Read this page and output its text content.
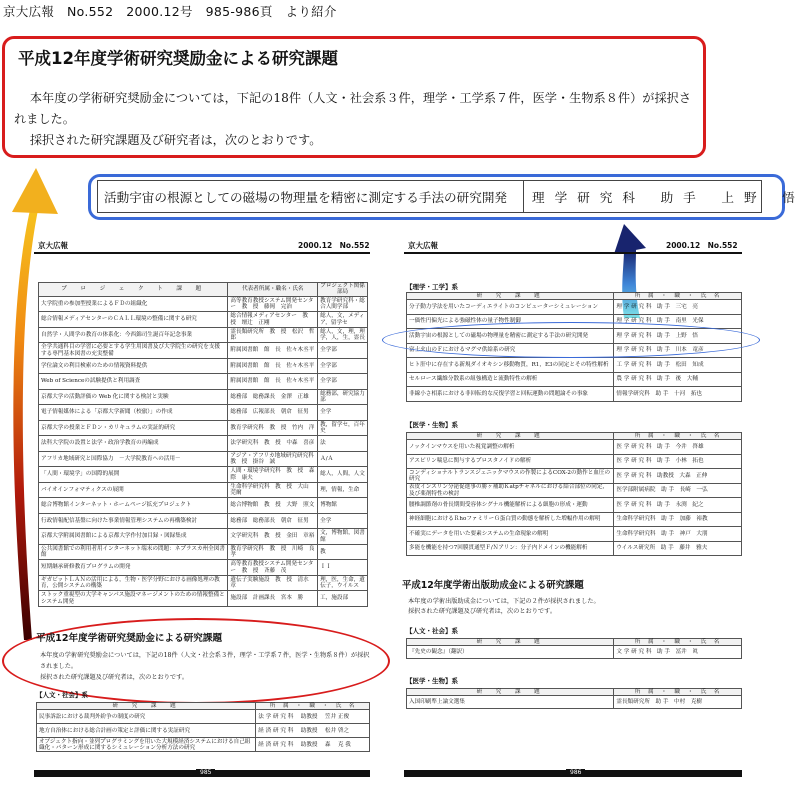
京大広報　No.552　2000.12号　985-986頁　より紹介
平成12年度学術研究奨励金による研究課題

本年度の学術研究奨励金については，下記の18件（人文・社会系３件，理学・工学系７件，医学・生物系８件）が採択されました。

採択された研究課題及び研究者は，次のとおりです。

活動宇宙の根源としての磁場の物理量を精密に測定する手法の研究開発 理 学 研 究 科　 助 手　 上 野　 悟
京大広報	2000.12　No.552
プ　ロ　ジ　ェ　ク　ト　課　題	代表者所属・職名・氏名	プロジェクト関係部局
大学院重の参加型授業によるＦＤの組織化	高等教育教授システム開発センター　教　授　藤岡　完治	教育学研究科・総合人間学部
総合情報メディアセンターのＣＡＬＬ環境の整備に関する研究	総合情報メディアセンター　教　授　壇辻　正剛	総人，文，メディア，留学セ
自然学・人間学の教育の体系化：今西錦司生誕百年記念事業	霊長類研究所　教　授　松沢　哲郎	総人，文，理，理学，人，生，霊長
全学共通科目の学習に必要とする学生用図書及び大学院生の研究を支援する専門基本図書の充実整備	附属図書館　館　長　佐々木丞平	全学部
学位論文の利目検索のための情報資料提供	附属図書館　館　長　佐々木丞平	全学部
Web of Scienceの試験提供と利用調査	附属図書館　館　長　佐々木丞平	全学部
京都大学の活動評価の Web 化に関する検討と実験	総務部　総務課長　金澤　正雄	総務部，研究協力部
電子情報媒体による「京都大学新聞（校旅）」の作成	総務部　広報部長　朝倉　征男	全学
京都大学の授業とＦＤン・カリキュラムの実証的研究	教育学研究科　教　授　竹内　洋	教，留学セ，百年史
法科大学院の設置と法学・政治学教育の再編成	法学研究科　教　授　中森　喜彦	法
アフリカ地域研究と国際協力　－大学院教育への活用－	アジア・アフリカ地域研究研究科　教　授　掛谷　誠	Ａ/Ａ
「人間・環境学」の国際的展開	人間・環境学研究科　教　授　森際　康夫	総人，人間，人文
バイオインフォマティクスの展開	生命科学研究科　教　授　大山　莞爾	理，情報，生命
総合博物館インターネット・ホームページ拡充プロジェクト	総合博物館　教　授　大野　照文	博物館
行政情報配信基盤に向けた事業情報管理システムの再構築検討	総務部　総務部長　朝倉　征男	全学
京都大学附属図書館による京都大学作付加目録・図録集成	文学研究科　教　授　金田　章裕	文，博物館，図書館
公共図書館での利用者用インターネット端末の問題：ネプラスカ州全図書館	教育学研究科　教　授　川崎　良孝	教
短期継承研修教育プログラムの開発	高等教育教授システム開発センター　教　授　斉藤　茂	ＩＩ
ギガビットＬＡＮの活用による，生物・医学分野における画像処理の教育，公開システムの構築	遺伝子実験施設　教　授　清水　章	理，医，生命，遺伝子，ウイルス
ストック重視型の大学キャンパス施設マネージメントのための情報整備とシステム開発	施設部　計画課長　宮本　勝	工，施設部
平成12年度学術研究奨励金による研究課題

本年度の学術研究奨励金については，下記の18件（人文・社会系３件，理学・工学系７件，医学・生物系８件）が採択されました。

採択された研究課題及び研究者は，次のとおりです。

【人文・社会】系
研　究　課　題	所　属　・　職　・　氏　名
民事訴訟における裁判外紛争の制度の研究	法 学 研 究 科　 助教授　 笠井 正俊
地方自治体における総合計画の策定と評価に関する実証研究	経 済 研 究 科　 助教授　 松井 啓之
オブジェクト指向・並列プログラミングを用いた大規模経済システムにおける自己組織化・パターン形成に関するシミュレーション分析方法の研究	経 済 研 究 科　 助教授　 森 　克 我
985
京大広報	2000.12　No.552
【理学・工学】系
研　究　課　題	所　属　・　職　・　氏　名
分子動力学法を用いたコーディエライトのコンピューターシミュレーション	理 学 研 究 科　助 手　三宅　亮
一価性円偏光による強磁性体の量子物性制御	理 学 研 究 科　助 手　南里　光保
活動宇宙の根源としての磁場の物理量を精密に測定する手法の研究開発	理 学 研 究 科　助 手　上野　悟
富士火山のＦにおけるマグマ供給系の研究	理 学 研 究 科　助 手　川本　竜彦
ヒト肝中に存在する新規ダイオキシン移動物質，R1，E3の同定とその特性解析	工 学 研 究 科　助 手　松田　知成
セルロース繊維分散系の組強構造と流動特性の解析	農 学 研 究 科　助 手　後　大輔
非線小さ相系における非回転的な反復学習と回転運動の問題論その事象	情報学研究科　助 手　十河　拓也
【医学・生物】系
研　究　課　題	所　属　・　職　・　氏　名
ノックインマウスを用いた視覚調整の解析	医 学 研 究 科　助 手　今井　啓雄
アスピリン喘息に関与するプロスタノイドの解析	医 学 研 究 科　助 手　小林　拓也
コンディショナルトランスジェニックマウスの作製によるCOX-2の動作と血圧の研究	医 学 研 究 科　助教授　大森　正伸
表皮インスリン分泌促進事の勝ヶ補助Ｋatpチャネルにおける結合部位の同定，及び薬剤特性の検討	医学部附属病院　助 手　長崎　一弘
腰椎調節剤の骨長期間受容体シグナル機能解析による細胞の形成・運動	医 学 研 究 科　助 手　永渕　紀之
神経細胞におけるＲhoファミリーＧ蛋白質の動態を解析した増幅作用の解明	生命科学研究科　助 手　加藤　裕教
不確実にデータを用いた要素システムの生命現象の解明	生命科学研究科　助 手　神戸　大朋
多能を機能を持つ7回膜貫通型Ｆ/Ｎアリン：分子内ドメインの機能解析	ウイルス研究所　助 手　藤井　雅夫
平成12年度学術出版助成金による研究課題

本年度の学術出版助成金については，下記の２件が採択されました。

採択された研究課題及び研究者は，次のとおりです。

【人文・社会】系
研　究　課　題	所　属　・　職　・　氏　名
『先史の観念』（翻訳）	文 学 研 究 科　助 手　冨井　眞
【医学・生物】系
研　究　課　題	所　属　・　職　・　氏　名
入国印刷準上論文選集	霊長類研究所　助 手　中村　克樹
986
